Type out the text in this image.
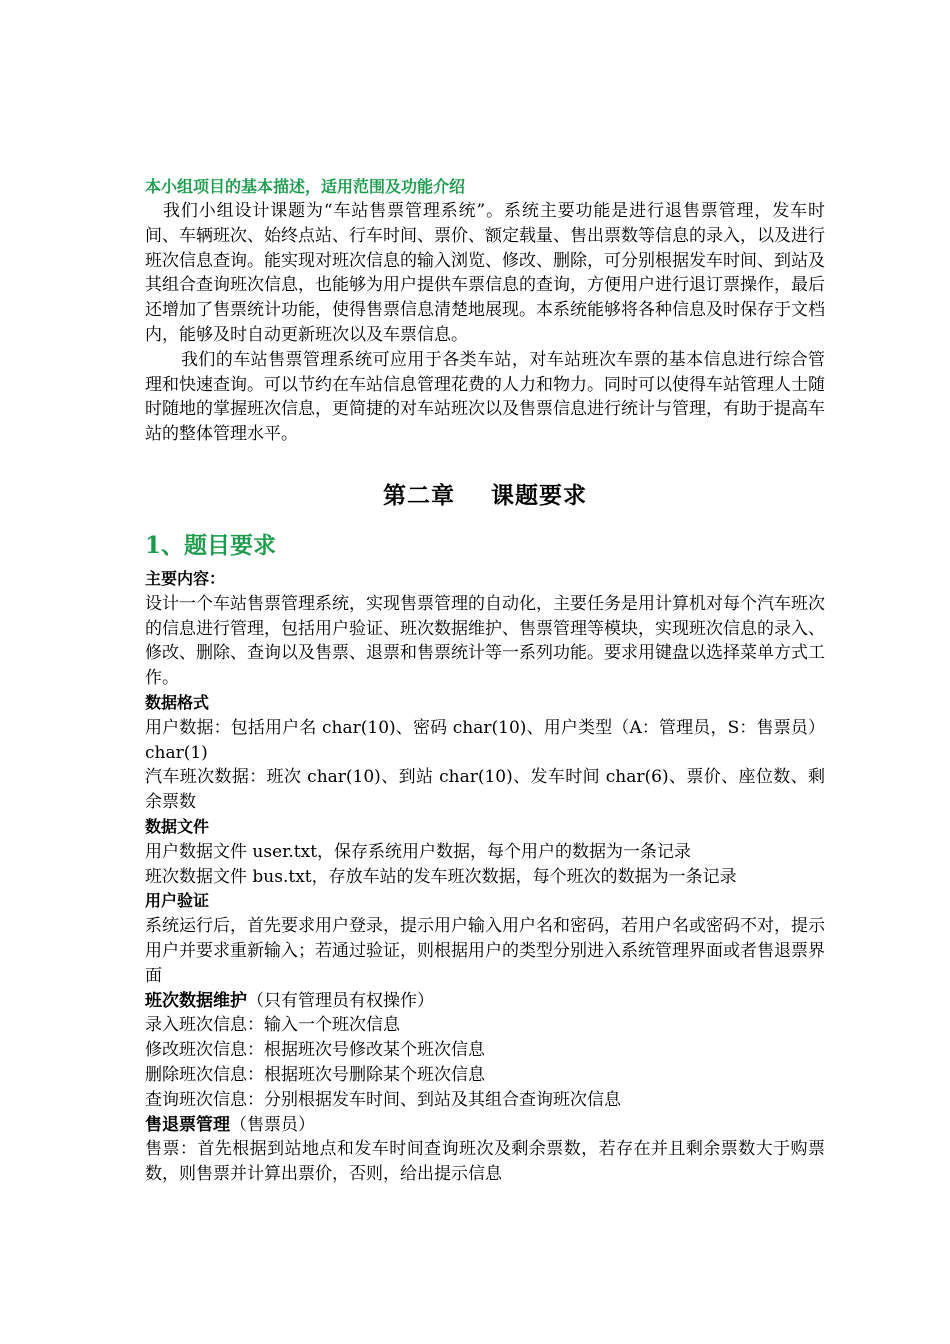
本小组项目的基本描述，适用范围及功能介绍

我们小组设计课题为“车站售票管理系统”。系统主要功能是进行退售票管理，发车时间、车辆班次、始终点站、行车时间、票价、额定载量、售出票数等信息的录入，以及进行班次信息查询。能实现对班次信息的输入浏览、修改、删除，可分别根据发车时间、到站及其组合查询班次信息，也能够为用户提供车票信息的查询，方便用户进行退订票操作，最后还增加了售票统计功能，使得售票信息清楚地展现。本系统能够将各种信息及时保存于文档内，能够及时自动更新班次以及车票信息。

我们的车站售票管理系统可应用于各类车站，对车站班次车票的基本信息进行综合管理和快速查询。可以节约在车站信息管理花费的人力和物力。同时可以使得车站管理人士随时随地的掌握班次信息，更简捷的对车站班次以及售票信息进行统计与管理，有助于提高车站的整体管理水平。

第二章    课题要求
1、题目要求
主要内容：

设计一个车站售票管理系统，实现售票管理的自动化，主要任务是用计算机对每个汽车班次的信息进行管理，包括用户验证、班次数据维护、售票管理等模块，实现班次信息的录入、修改、删除、查询以及售票、退票和售票统计等一系列功能。要求用键盘以选择菜单方式工作。

数据格式

用户数据：包括用户名 char(10)、密码 char(10)、用户类型（A：管理员，S：售票员）char(1)

汽车班次数据：班次 char(10)、到站 char(10)、发车时间 char(6)、票价、座位数、剩余票数

数据文件

用户数据文件 user.txt，保存系统用户数据，每个用户的数据为一条记录

班次数据文件 bus.txt，存放车站的发车班次数据，每个班次的数据为一条记录

用户验证

系统运行后，首先要求用户登录，提示用户输入用户名和密码，若用户名或密码不对，提示用户并要求重新输入；若通过验证，则根据用户的类型分别进入系统管理界面或者售退票界面

班次数据维护（只有管理员有权操作）

录入班次信息：输入一个班次信息

修改班次信息：根据班次号修改某个班次信息

删除班次信息：根据班次号删除某个班次信息

查询班次信息：分别根据发车时间、到站及其组合查询班次信息

售退票管理（售票员）

售票：首先根据到站地点和发车时间查询班次及剩余票数，若存在并且剩余票数大于购票数，则售票并计算出票价，否则，给出提示信息
